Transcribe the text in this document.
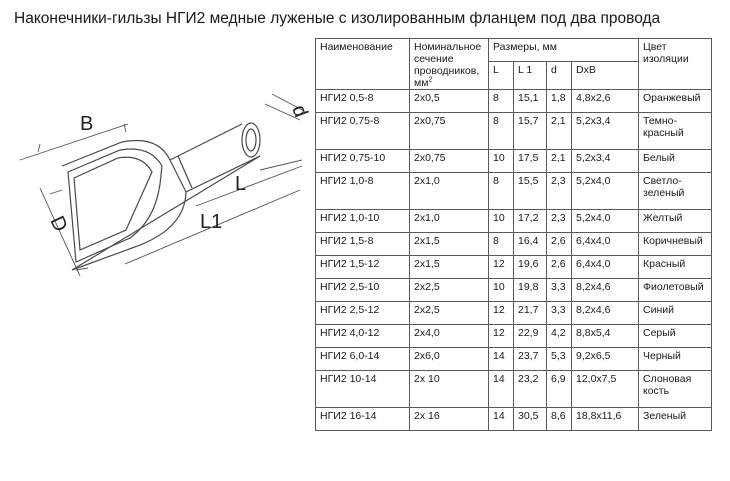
Наконечники-гильзы НГИ2 медные луженые с изолированным фланцем под два провода
B
D
L
L1
d
Наименование	Номинальное
сечение
проводников,
$мм^2$	Размеры, мм				Цвет
изоляции
		L	L 1	d	DxB	
НГИ2 0,5-8	2x0,5	8	15,1	1,8	4,8x2,6	Оранжевый
НГИ2 0,75-8	2x0,75	8	15,7	2,1	5,2x3,4	Темно-
красный
НГИ2 0,75-10	2x0,75	10	17,5	2,1	5,2x3,4	Белый
НГИ2 1,0-8	2x1,0	8	15,5	2,3	5,2x4,0	Светло-
зеленый
НГИ2 1,0-10	2x1,0	10	17,2	2,3	5,2x4,0	Желтый
НГИ2 1,5-8	2x1,5	8	16,4	2,6	6,4x4,0	Коричневый
НГИ2 1,5-12	2x1,5	12	19,6	2,6	6,4x4,0	Красный
НГИ2 2,5-10	2x2,5	10	19,8	3,3	8,2x4,6	Фиолетовый
НГИ2 2,5-12	2x2,5	12	21,7	3,3	8,2x4,6	Синий
НГИ2 4,0-12	2x4,0	12	22,9	4,2	8,8x5,4	Серый
НГИ2 6,0-14	2x6,0	14	23,7	5,3	9,2x6,5	Черный
НГИ2 10-14	2x 10	14	23,2	6,9	12,0x7,5	Слоновая
кость
НГИ2 16-14	2x 16	14	30,5	8,6	18,8x11,6	Зеленый
